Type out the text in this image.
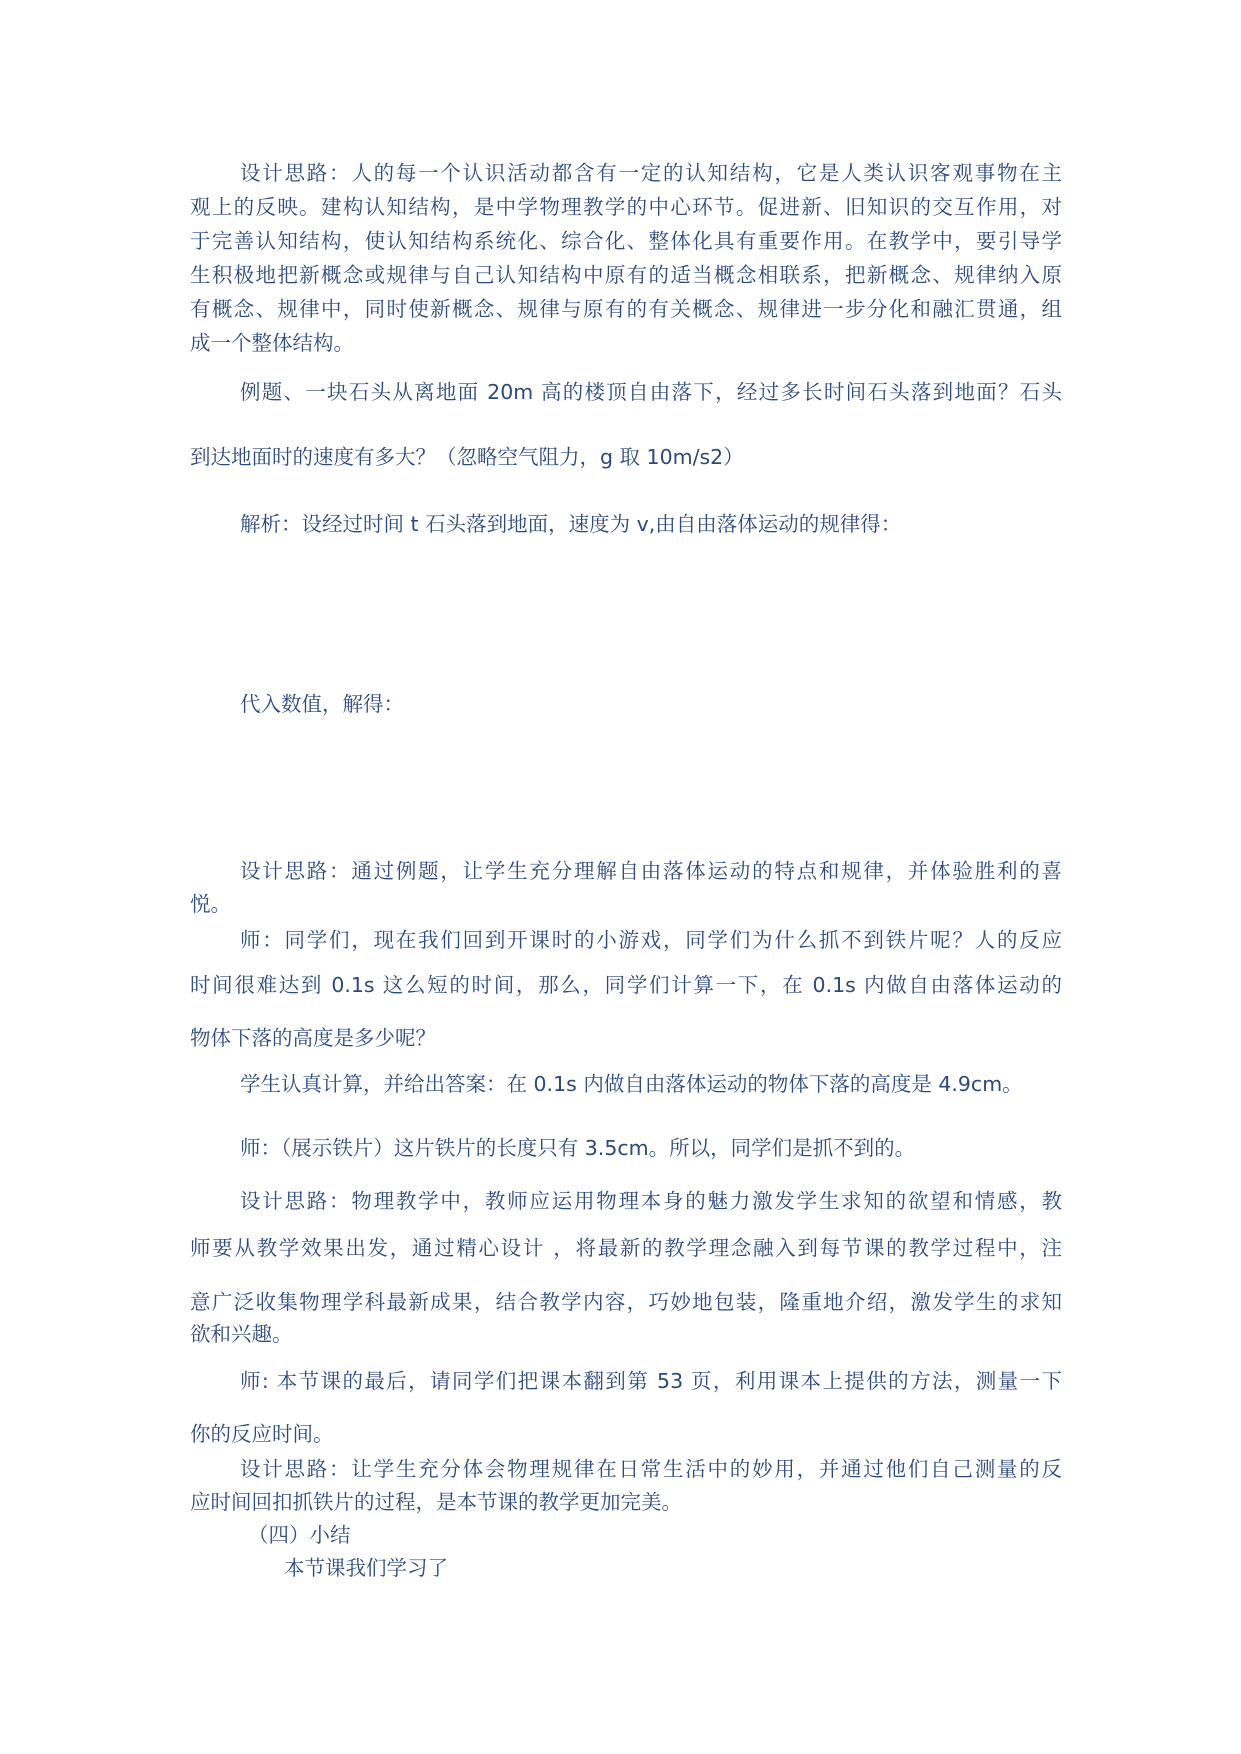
设计思路：人的每一个认识活动都含有一定的认知结构，它是人类认识客观事物在主
观上的反映。建构认知结构，是中学物理教学的中心环节。促进新、旧知识的交互作用，对
于完善认知结构，使认知结构系统化、综合化、整体化具有重要作用。在教学中，要引导学
生积极地把新概念或规律与自己认知结构中原有的适当概念相联系，把新概念、规律纳入原
有概念、规律中，同时使新概念、规律与原有的有关概念、规律进一步分化和融汇贯通，组
成一个整体结构。
例题、一块石头从离地面 20m 高的楼顶自由落下，经过多长时间石头落到地面？石头
到达地面时的速度有多大？（忽略空气阻力，g 取 10m/s2）
解析：设经过时间 t 石头落到地面，速度为 v,由自由落体运动的规律得：
代入数值，解得：
设计思路：通过例题，让学生充分理解自由落体运动的特点和规律，并体验胜利的喜
悦。
师：同学们，现在我们回到开课时的小游戏，同学们为什么抓不到铁片呢？人的反应
时间很难达到 0.1s 这么短的时间，那么，同学们计算一下，在 0.1s 内做自由落体运动的
物体下落的高度是多少呢？
学生认真计算，并给出答案：在 0.1s 内做自由落体运动的物体下落的高度是 4.9cm。
师：（展示铁片）这片铁片的长度只有 3.5cm。所以，同学们是抓不到的。
设计思路：物理教学中，教师应运用物理本身的魅力激发学生求知的欲望和情感，教
师要从教学效果出发，通过精心设计 ，将最新的教学理念融入到每节课的教学过程中，注
意广泛收集物理学科最新成果，结合教学内容，巧妙地包装，隆重地介绍，激发学生的求知
欲和兴趣。
师: 本节课的最后，请同学们把课本翻到第 53 页，利用课本上提供的方法，测量一下
你的反应时间。
设计思路：让学生充分体会物理规律在日常生活中的妙用，并通过他们自己测量的反
应时间回扣抓铁片的过程，是本节课的教学更加完美。
（四）小结
本节课我们学习了
